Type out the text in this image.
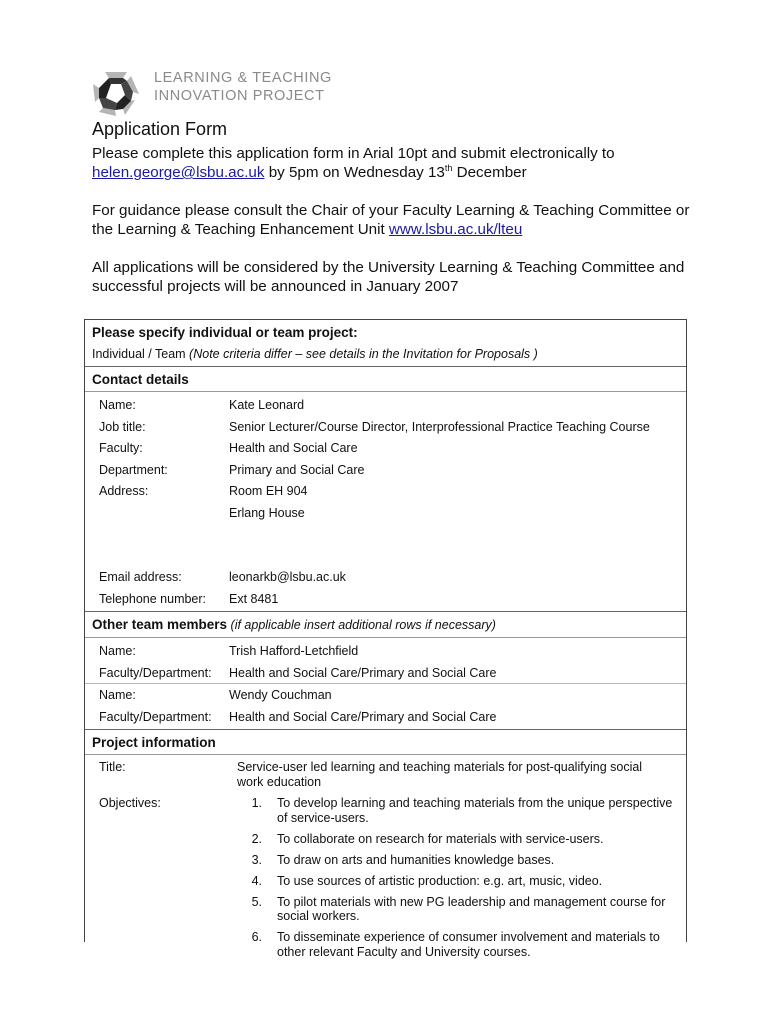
LEARNING & TEACHING
INNOVATION PROJECT
Application Form

Please complete this application form in Arial 10pt and submit electronically to
helen.george@lsbu.ac.uk by 5pm on Wednesday 13th December

For guidance please consult the Chair of your Faculty Learning & Teaching Committee or the Learning & Teaching Enhancement Unit www.lsbu.ac.uk/lteu

All applications will be considered by the University Learning & Teaching Committee and successful projects will be announced in January 2007

Please specify individual or team project:
Individual / Team (Note criteria differ – see details in the Invitation for Proposals )
Contact details
Name:	Kate Leonard
Job title:	Senior Lecturer/Course Director, Interprofessional Practice Teaching Course
Faculty:	Health and Social Care
Department:	Primary and Social Care
Address:	Room EH 904
Erlang House
Email address:	leonarkb@lsbu.ac.uk
Telephone number:	Ext 8481
Other team members (if applicable insert additional rows if necessary)
Name:	Trish Hafford-Letchfield
Faculty/Department:	Health and Social Care/Primary and Social Care
Name:	Wendy Couchman
Faculty/Department:	Health and Social Care/Primary and Social Care
Project information
Title:	Service-user led learning and teaching materials for post-qualifying social work education
Objectives:	1.	To develop learning and teaching materials from the unique perspective of service-users.
2.	To collaborate on research for materials with service-users.
3.	To draw on arts and humanities knowledge bases.
4.	To use sources of artistic production: e.g. art, music, video.
5.	To pilot materials with new PG leadership and management course for social workers.
6.	To disseminate experience of consumer involvement and materials to other relevant Faculty and University courses.
